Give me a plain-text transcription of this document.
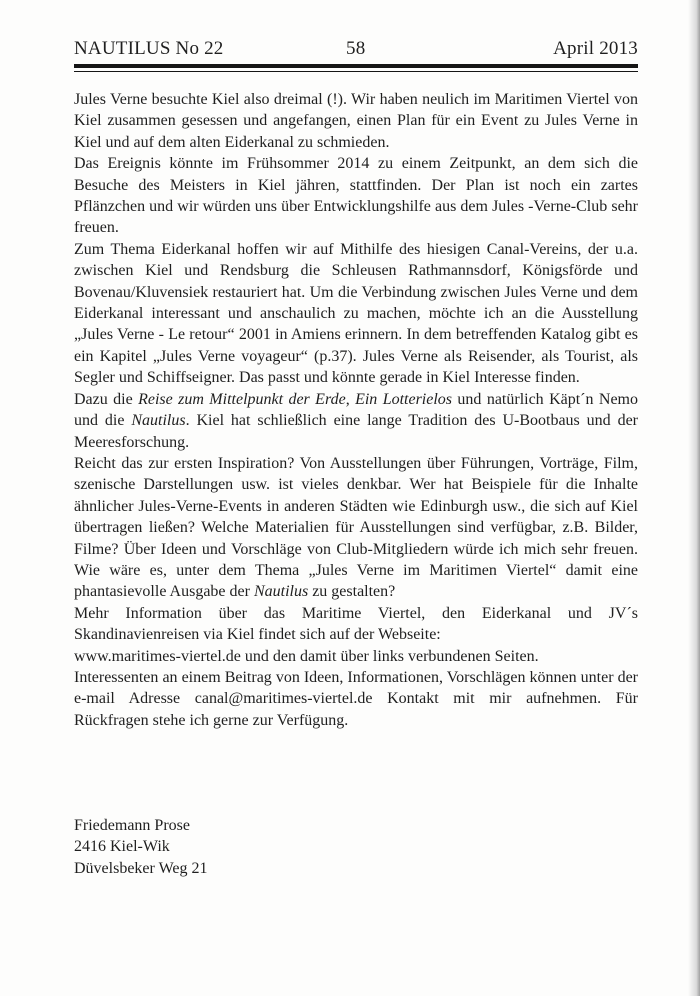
NAUTILUS No 22	58	April 2013

Jules Verne besuchte Kiel also dreimal (!). Wir haben neulich im Maritimen Viertel von Kiel zusammen gesessen und angefangen, einen Plan für ein Event zu Jules Verne in Kiel und auf dem alten Eiderkanal zu schmieden.

Das Ereignis könnte im Frühsommer 2014 zu einem Zeitpunkt, an dem sich die Besuche des Meisters in Kiel jähren, stattfinden. Der Plan ist noch ein zartes Pflänzchen und wir würden uns über Entwicklungshilfe aus dem Jules -Verne-Club sehr freuen.

Zum Thema Eiderkanal hoffen wir auf Mithilfe des hiesigen Canal-Vereins, der u.a. zwischen Kiel und Rendsburg die Schleusen Rathmannsdorf, Königsförde und Bovenau/Kluvensiek restauriert hat. Um die Verbindung zwischen Jules Verne und dem Eiderkanal interessant und anschaulich zu machen, möchte ich an die Ausstellung „Jules Verne - Le retour“ 2001 in Amiens erinnern. In dem betreffenden Katalog gibt es ein Kapitel „Jules Verne voyageur“ (p.37). Jules Verne als Reisender, als Tourist, als Segler und Schiffseigner. Das passt und könnte gerade in Kiel Interesse finden.

Dazu die Reise zum Mittelpunkt der Erde, Ein Lotterielos und natürlich Käpt´n Nemo und die Nautilus. Kiel hat schließlich eine lange Tradition des U-Bootbaus und der Meeresforschung.

Reicht das zur ersten Inspiration? Von Ausstellungen über Führungen, Vorträge, Film, szenische Darstellungen usw. ist vieles denkbar. Wer hat Beispiele für die Inhalte ähnlicher Jules-Verne-Events in anderen Städten wie Edinburgh usw., die sich auf Kiel übertragen ließen? Welche Materialien für Ausstellungen sind verfügbar, z.B. Bilder, Filme? Über Ideen und Vorschläge von Club-Mitgliedern würde ich mich sehr freuen. Wie wäre es, unter dem Thema „Jules Verne im Maritimen Viertel“ damit eine phantasievolle Ausgabe der Nautilus zu gestalten?

Mehr Information über das Maritime Viertel, den Eiderkanal und JV´s Skandinavienreisen via Kiel findet sich auf der Webseite:

www.maritimes-viertel.de und den damit über links verbundenen Seiten.

Interessenten an einem Beitrag von Ideen, Informationen, Vorschlägen können unter der e-mail Adresse canal@maritimes-viertel.de Kontakt mit mir aufnehmen. Für Rückfragen stehe ich gerne zur Verfügung.

Friedemann Prose
2416 Kiel-Wik
Düvelsbeker Weg 21
